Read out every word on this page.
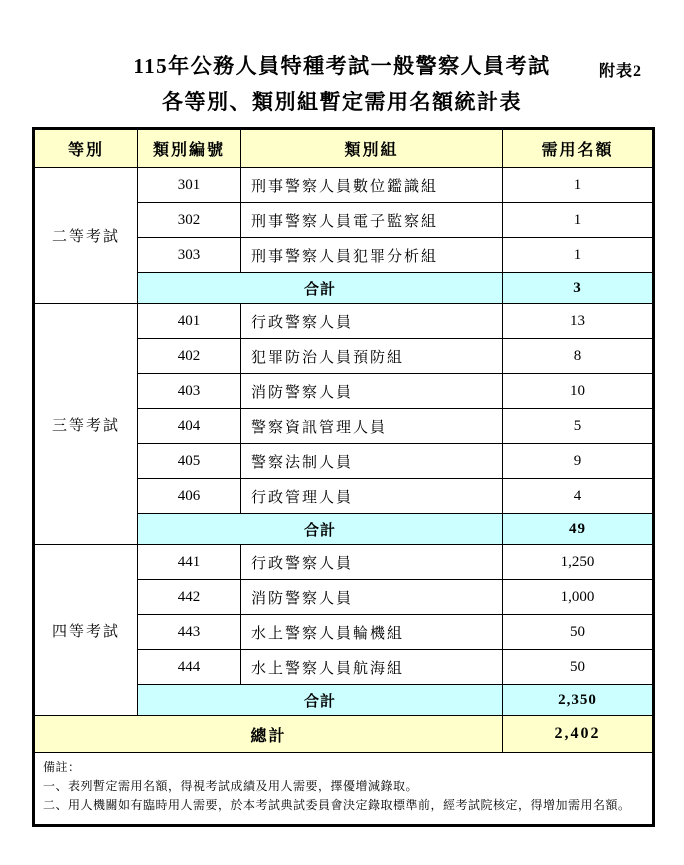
附表2
115年公務人員特種考試一般警察人員考試
各等別、類別組暫定需用名額統計表
等別	類別編號	類別組	需用名額
二等考試	301	刑事警察人員數位鑑識組	1
	302	刑事警察人員電子監察組	1
	303	刑事警察人員犯罪分析組	1
	合計		3
三等考試	401	行政警察人員	13
	402	犯罪防治人員預防組	8
	403	消防警察人員	10
	404	警察資訊管理人員	5
	405	警察法制人員	9
	406	行政管理人員	4
	合計		49
四等考試	441	行政警察人員	1,250
	442	消防警察人員	1,000
	443	水上警察人員輪機組	50
	444	水上警察人員航海組	50
	合計		2,350
總計			2,402

備註：
一、表列暫定需用名額，得視考試成績及用人需要，擇優增減錄取。
二、用人機關如有臨時用人需要，於本考試典試委員會決定錄取標準前，經考試院核定，得增加需用名額。			
